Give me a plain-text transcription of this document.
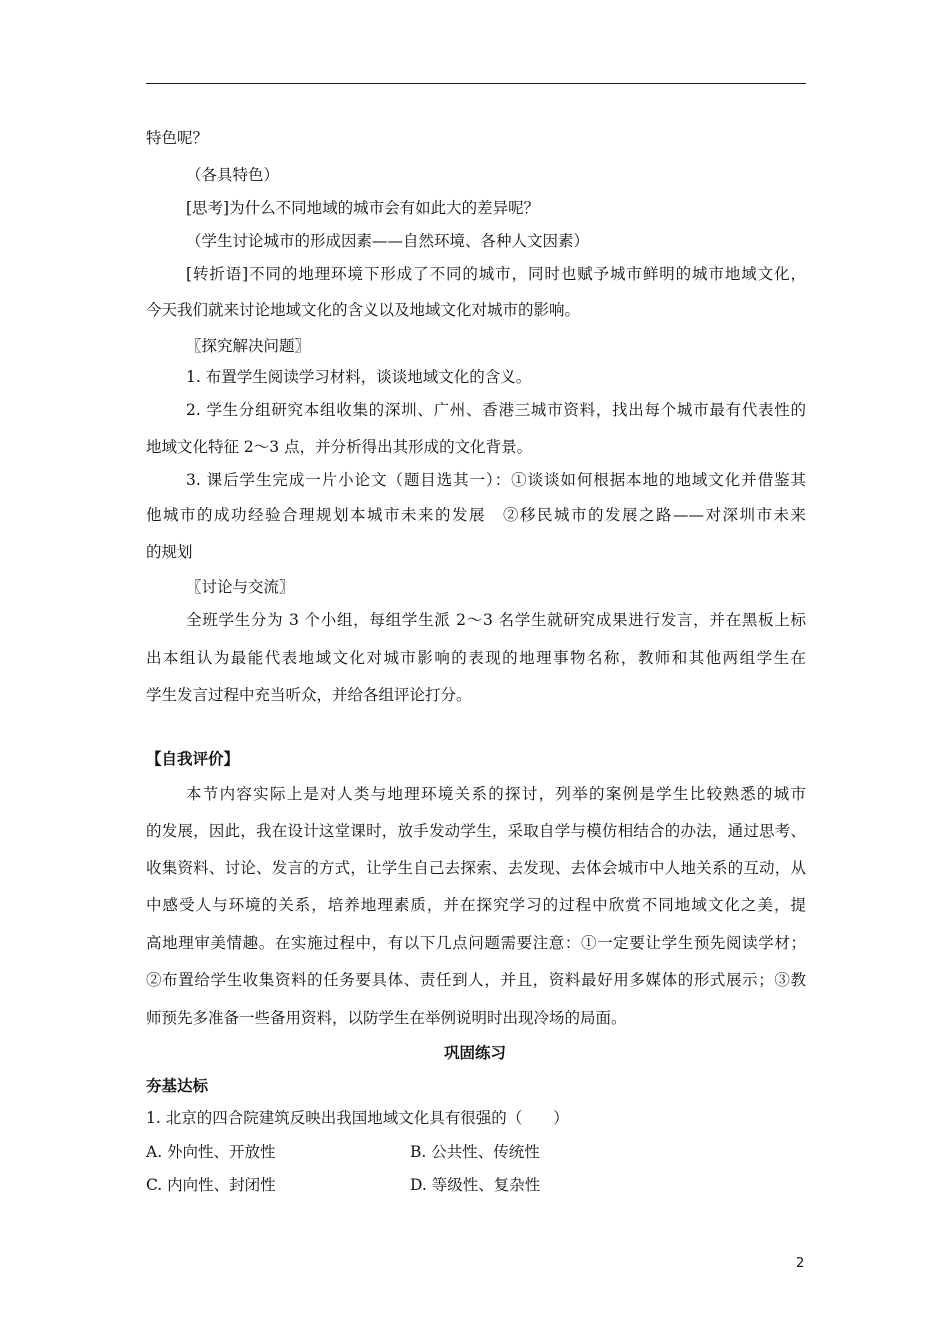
特色呢？
（各具特色）
[思考]为什么不同地域的城市会有如此大的差异呢？
（学生讨论城市的形成因素——自然环境、各种人文因素）
[转折语]不同的地理环境下形成了不同的城市，同时也赋予城市鲜明的城市地域文化，
今天我们就来讨论地域文化的含义以及地域文化对城市的影响。
〖探究解决问题〗
1. 布置学生阅读学习材料，谈谈地域文化的含义。
2. 学生分组研究本组收集的深圳、广州、香港三城市资料，找出每个城市最有代表性的
地域文化特征 2～3 点，并分析得出其形成的文化背景。
3. 课后学生完成一片小论文（题目选其一）：①谈谈如何根据本地的地域文化并借鉴其
他城市的成功经验合理规划本城市未来的发展　②移民城市的发展之路——对深圳市未来
的规划
〖讨论与交流〗
全班学生分为 3 个小组，每组学生派 2～3 名学生就研究成果进行发言，并在黑板上标
出本组认为最能代表地域文化对城市影响的表现的地理事物名称，教师和其他两组学生在
学生发言过程中充当听众，并给各组评论打分。
【自我评价】
本节内容实际上是对人类与地理环境关系的探讨，列举的案例是学生比较熟悉的城市
的发展，因此，我在设计这堂课时，放手发动学生，采取自学与模仿相结合的办法，通过思考、
收集资料、讨论、发言的方式，让学生自己去探索、去发现、去体会城市中人地关系的互动，从
中感受人与环境的关系，培养地理素质，并在探究学习的过程中欣赏不同地域文化之美，提
高地理审美情趣。在实施过程中，有以下几点问题需要注意：①一定要让学生预先阅读学材；
②布置给学生收集资料的任务要具体、责任到人，并且，资料最好用多媒体的形式展示；③教
师预先多准备一些备用资料，以防学生在举例说明时出现冷场的局面。
巩固练习
夯基达标
1. 北京的四合院建筑反映出我国地域文化具有很强的（　　）
A. 外向性、开放性	B. 公共性、传统性
C. 内向性、封闭性	D. 等级性、复杂性
2
